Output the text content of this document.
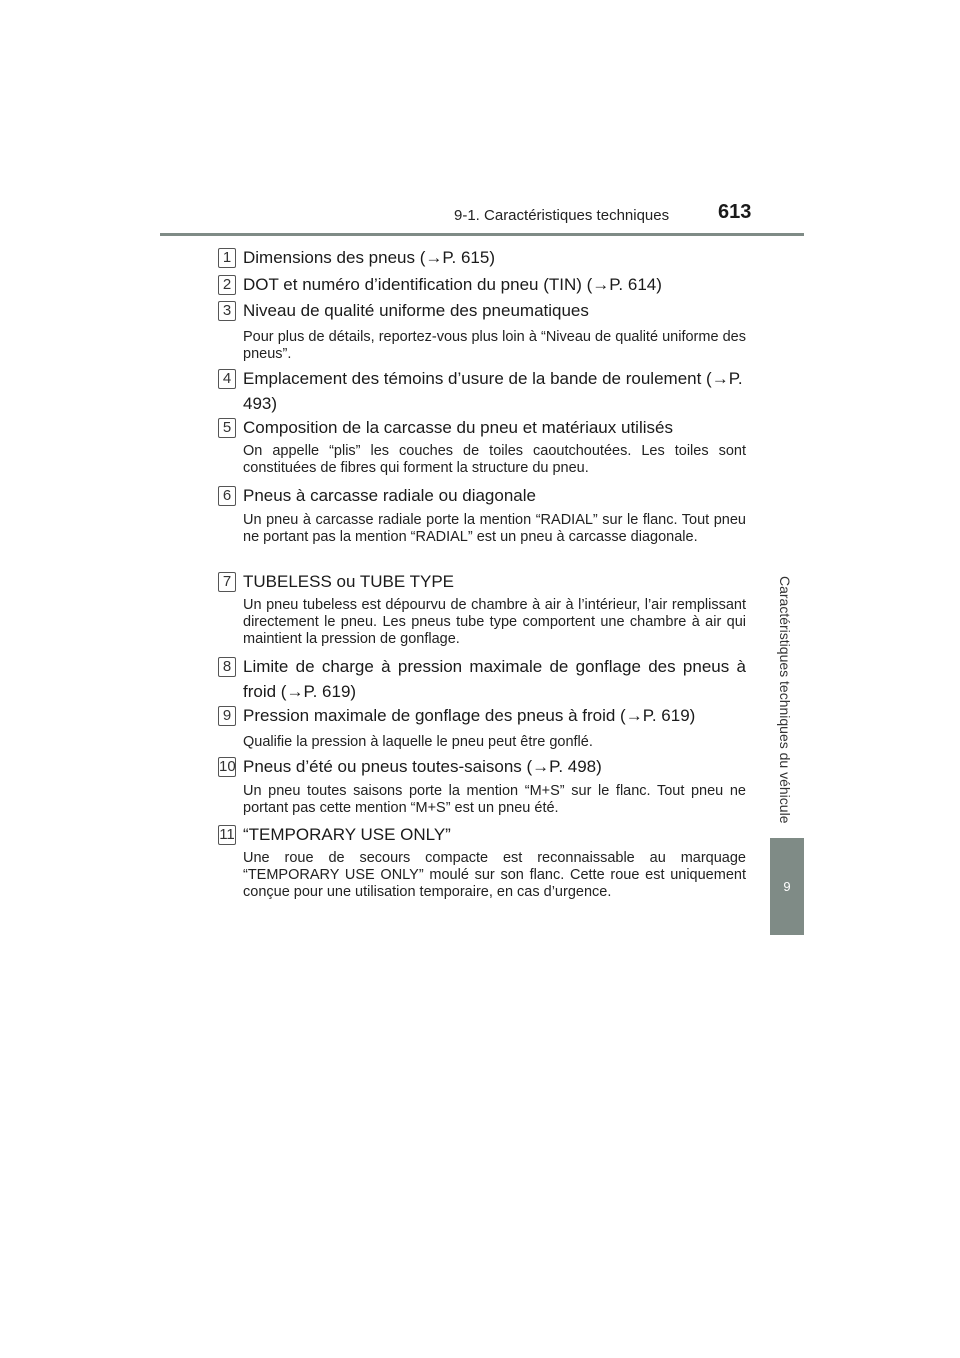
9-1. Caractéristiques techniques 613
Caractéristiques techniques du véhicule
9
1 Dimensions des pneus (→P. 615)
2 DOT et numéro d’identification du pneu (TIN) (→P. 614)
3 Niveau de qualité uniforme des pneumatiques
Pour plus de détails, reportez-vous plus loin à “Niveau de qualité uniforme des pneus”.
4 Emplacement des témoins d’usure de la bande de roulement (→P. 493)
5 Composition de la carcasse du pneu et matériaux utilisés
On appelle “plis” les couches de toiles caoutchoutées. Les toiles sont constituées de fibres qui forment la structure du pneu.
6 Pneus à carcasse radiale ou diagonale
Un pneu à carcasse radiale porte la mention “RADIAL” sur le flanc. Tout pneu ne portant pas la mention “RADIAL” est un pneu à carcasse diagonale.
7 TUBELESS ou TUBE TYPE
Un pneu tubeless est dépourvu de chambre à air à l’intérieur, l’air remplissant directement le pneu. Les pneus tube type comportent une chambre à air qui maintient la pression de gonflage.
8 Limite de charge à pression maximale de gonflage des pneus à froid (→P. 619)
9 Pression maximale de gonflage des pneus à froid (→P. 619)
Qualifie la pression à laquelle le pneu peut être gonflé.
10 Pneus d’été ou pneus toutes-saisons (→P. 498)
Un pneu toutes saisons porte la mention “M+S” sur le flanc. Tout pneu ne portant pas cette mention “M+S” est un pneu été.
11 “TEMPORARY USE ONLY”
Une roue de secours compacte est reconnaissable au marquage “TEMPORARY USE ONLY” moulé sur son flanc. Cette roue est uniquement conçue pour une utilisation temporaire, en cas d’urgence.
